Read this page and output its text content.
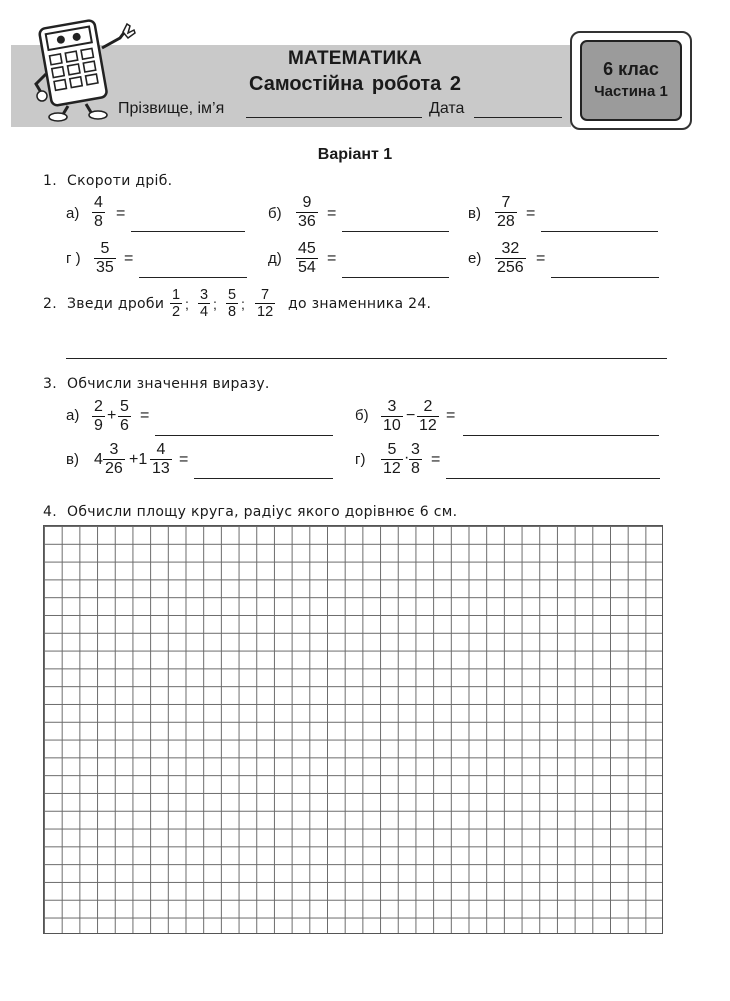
МАТЕМАТИКА
Самостійна робота 2
Прізвище, ім’я	Дата
6 клас
Частина 1
Варіант 1
1. Скороти дріб.
$а) \frac{4}{8}$ =	$б) \frac{9}{36}$ =	$в) \frac{7}{28}$ =
г ) $\frac{5}{35}$ =	$д) \frac{45}{54}$ =	$е) \frac{32}{256}$ =
2. Зведи дроби $\frac{1}{2}$ ; $\frac{3}{4}$ ; $\frac{5}{8}$ ; $\frac{7}{12}$ до знаменника 24.
3. Обчисли значення виразу.
$а) \frac{2}{9} + \frac{5}{6}$ =	$б) \frac{3}{10} - \frac{2}{12}$ =
в) $4 \frac{3}{26} +1 \frac{4}{13}$ =	$г) \frac{5}{12} \cdot \frac{3}{8}$ =
4. Обчисли площу круга, радіус якого дорівнює 6 см.
